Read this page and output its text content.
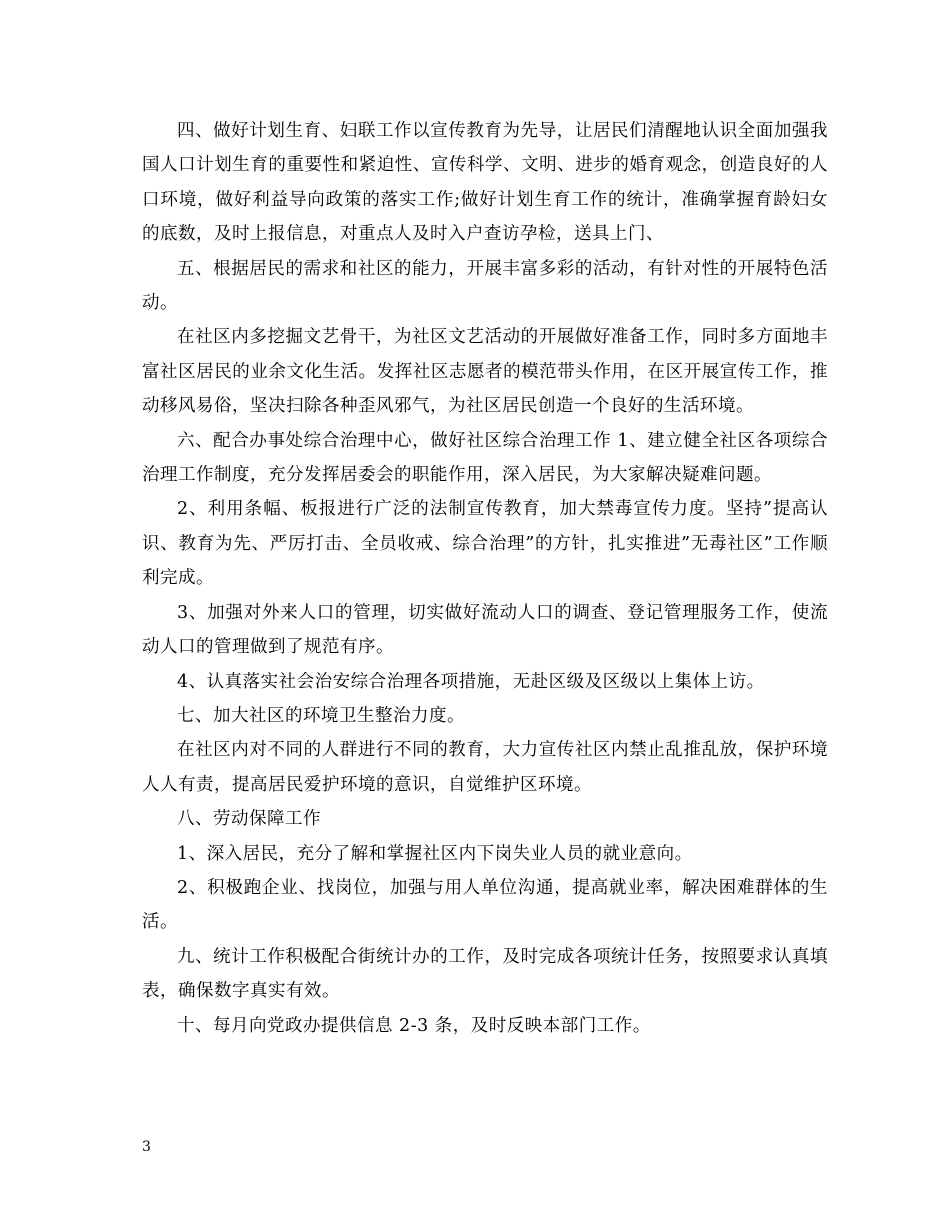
四、做好计划生育、妇联工作以宣传教育为先导，让居民们清醒地认识全面加强我国人口计划生育的重要性和紧迫性、宣传科学、文明、进步的婚育观念，创造良好的人口环境，做好利益导向政策的落实工作;做好计划生育工作的统计，准确掌握育龄妇女的底数，及时上报信息，对重点人及时入户查访孕检，送具上门、

五、根据居民的需求和社区的能力，开展丰富多彩的活动，有针对性的开展特色活动。

在社区内多挖掘文艺骨干，为社区文艺活动的开展做好准备工作，同时多方面地丰富社区居民的业余文化生活。发挥社区志愿者的模范带头作用，在区开展宣传工作，推动移风易俗，坚决扫除各种歪风邪气，为社区居民创造一个良好的生活环境。

六、配合办事处综合治理中心，做好社区综合治理工作 1、建立健全社区各项综合治理工作制度，充分发挥居委会的职能作用，深入居民，为大家解决疑难问题。

2、利用条幅、板报进行广泛的法制宣传教育，加大禁毒宣传力度。坚持”提高认识、教育为先、严厉打击、全员收戒、综合治理”的方针，扎实推进”无毒社区”工作顺利完成。

3、加强对外来人口的管理，切实做好流动人口的调查、登记管理服务工作，使流动人口的管理做到了规范有序。

4、认真落实社会治安综合治理各项措施，无赴区级及区级以上集体上访。

七、加大社区的环境卫生整治力度。

在社区内对不同的人群进行不同的教育，大力宣传社区内禁止乱推乱放，保护环境人人有责，提高居民爱护环境的意识，自觉维护区环境。

八、劳动保障工作

1、深入居民，充分了解和掌握社区内下岗失业人员的就业意向。

2、积极跑企业、找岗位，加强与用人单位沟通，提高就业率，解决困难群体的生活。

九、统计工作积极配合街统计办的工作，及时完成各项统计任务，按照要求认真填表，确保数字真实有效。

十、每月向党政办提供信息 2-3 条，及时反映本部门工作。

3
